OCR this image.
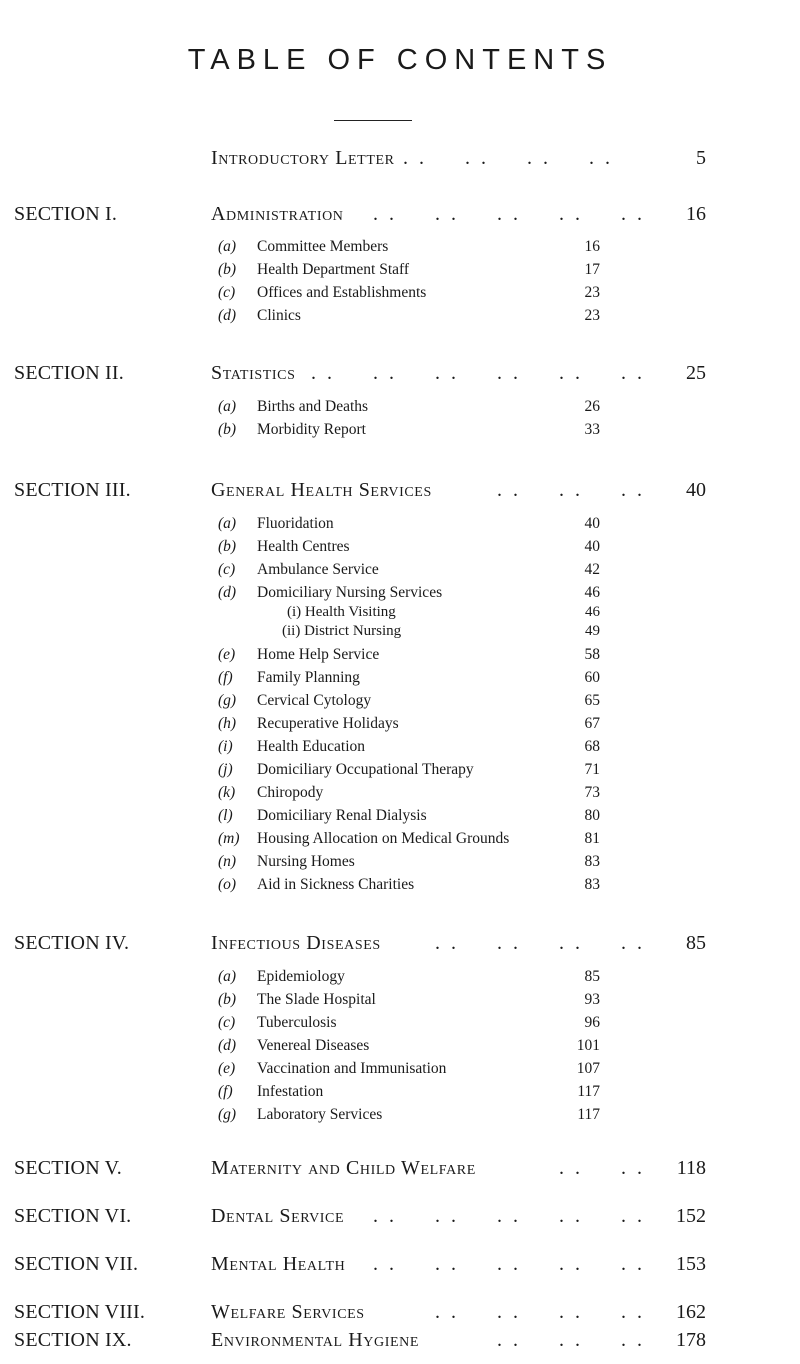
TABLE OF CONTENTS
Introductory Letter . . . . . . . .	5
SECTION I.	Administration . . . . . . . . . . 16
(a) Committee Members	16
(b) Health Department Staff	17
(c) Offices and Establishments	23
(d) Clinics	23
SECTION II.	Statistics . . . . . . . . . . . . 25
(a) Births and Deaths	26
(b) Morbidity Report	33
SECTION III.	General Health Services	. . . . . . 40
(a) Fluoridation	40
(b) Health Centres	40
(c) Ambulance Service	42
(d) Domiciliary Nursing Services	46
(i) Health Visiting	46
(ii) District Nursing	49
(e) Home Help Service	58
(f) Family Planning	60
(g) Cervical Cytology	65
(h) Recuperative Holidays	67
(i) Health Education	68
(j) Domiciliary Occupational Therapy	71
(k) Chiropody	73
(l) Domiciliary Renal Dialysis	80
(m) Housing Allocation on Medical Grounds	81
(n) Nursing Homes	83
(o) Aid in Sickness Charities	83
SECTION IV.	Infectious Diseases	. . . . . . . . 85
(a) Epidemiology	85
(b) The Slade Hospital	93
(c) Tuberculosis	96
(d) Venereal Diseases	101
(e) Vaccination and Immunisation	107
(f) Infestation	117
(g) Laboratory Services	117
SECTION V.	Maternity and Child Welfare	. . . . 118
SECTION VI.	Dental Service . . . . . . . . . . 152
SECTION VII.	Mental Health . . . . . . . . . . 153
SECTION VIII.	Welfare Services	. . . . . . . . 162
SECTION IX.	Environmental Hygiene	. . . . . . 178
